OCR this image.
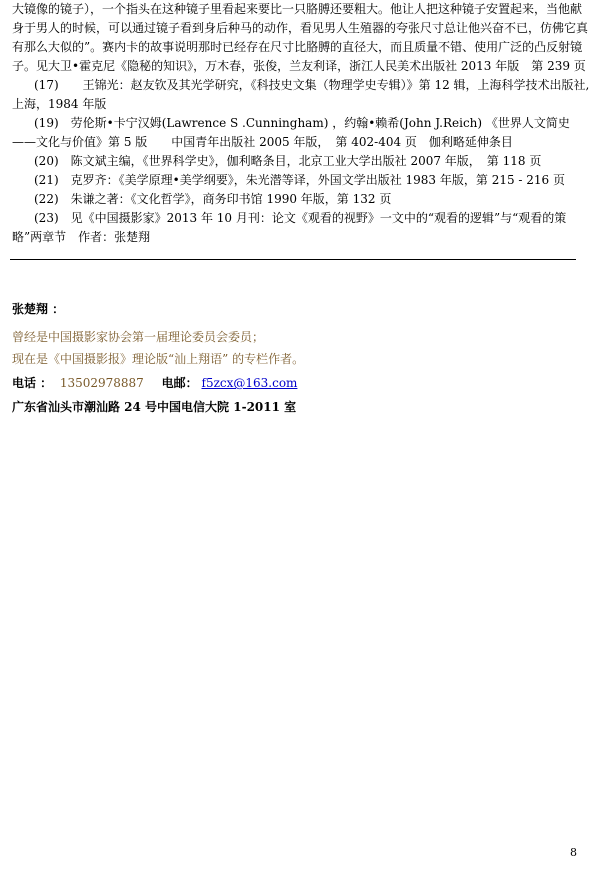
大镜像的镜子），一个指头在这种镜子里看起来要比一只胳膊还要粗大。他让人把这种镜子安置起来，当他献身于男人的时候，可以通过镜子看到身后种马的动作，看见男人生殖器的夸张尺寸总让他兴奋不已，仿佛它真有那么大似的”。赛内卡的故事说明那时已经存在尺寸比胳膊的直径大，而且质量不错、使用广泛的凸反射镜子。见大卫•霍克尼《隐秘的知识》，万木春，张俊，兰友利译，浙江人民美术出版社 2013 年版　第 239 页

(17)　　王锦光：赵友钦及其光学研究，《科技史文集（物理学史专辑）》第 12 辑，上海科学技术出版社,上海，1984 年版

(19)　劳伦斯•卡宁汉姆(Lawrence S .Cunningham) ，约翰•赖希(John J.Reich) 《世界人文简史——文化与价值》第 5 版　　中国青年出版社 2005 年版，　第 402-404 页　伽利略延伸条目

(20)　陈文斌主编，《世界科学史》，伽利略条目，北京工业大学出版社 2007 年版，　第 118 页

(21)　克罗齐：《美学原理•美学纲要》，朱光潜等译，外国文学出版社 1983 年版，第 215 - 216 页

(22)　朱谦之著：《文化哲学》，商务印书馆 1990 年版，第 132 页

(23)　见《中国摄影家》2013 年 10 月刊：论文《观看的视野》一文中的“观看的逻辑”与“观看的策略”两章节　作者：张楚翔

张楚翔 ：
曾经是中国摄影家协会第一届理论委员会委员；
现在是《中国摄影报》理论版“汕上翔语” 的专栏作者。
电话 ： 13502978887 电邮： f5zcx@163.com
广东省汕头市潮汕路 24 号中国电信大院 1-2011 室
8
